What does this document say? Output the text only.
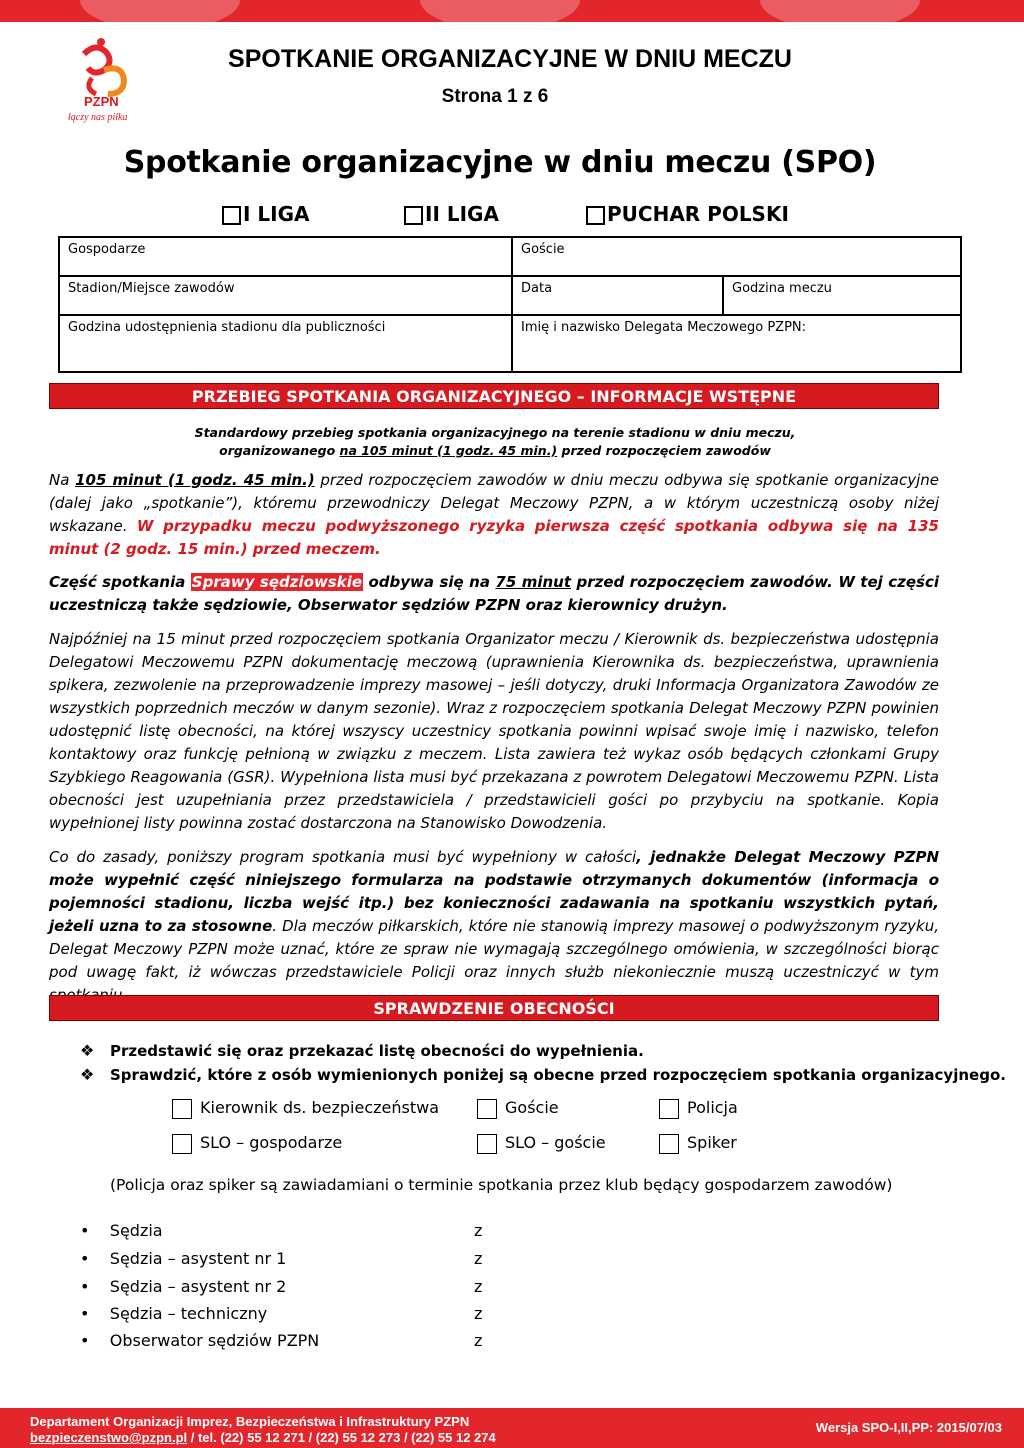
PZPN
łączy nas piłka
SPOTKANIE ORGANIZACYJNE W DNIU MECZU
Strona 1 z 6
Spotkanie organizacyjne w dniu meczu (SPO)
I LIGA	II LIGA	PUCHAR POLSKI
Gospodarze	Goście	
Stadion/Miejsce zawodów	Data	Godzina meczu
Godzina udostępnienia stadionu dla publiczności	Imię i nazwisko Delegata Meczowego PZPN:	
PRZEBIEG SPOTKANIA ORGANIZACYJNEGO – INFORMACJE WSTĘPNE
Standardowy przebieg spotkania organizacyjnego na terenie stadionu w dniu meczu,
organizowanego na 105 minut (1 godz. 45 min.) przed rozpoczęciem zawodów
Na 105 minut (1 godz. 45 min.) przed rozpoczęciem zawodów w dniu meczu odbywa się spotkanie organizacyjne (dalej jako „spotkanie”), któremu przewodniczy Delegat Meczowy PZPN, a w którym uczestniczą osoby niżej wskazane. W przypadku meczu podwyższonego ryzyka pierwsza część spotkania odbywa się na 135 minut (2 godz. 15 min.) przed meczem.
Część spotkania Sprawy sędziowskie odbywa się na 75 minut przed rozpoczęciem zawodów. W tej części uczestniczą także sędziowie, Obserwator sędziów PZPN oraz kierownicy drużyn.
Najpóźniej na 15 minut przed rozpoczęciem spotkania Organizator meczu / Kierownik ds. bezpieczeństwa udostępnia Delegatowi Meczowemu PZPN dokumentację meczową (uprawnienia Kierownika ds. bezpieczeństwa, uprawnienia spikera, zezwolenie na przeprowadzenie imprezy masowej – jeśli dotyczy, druki Informacja Organizatora Zawodów ze wszystkich poprzednich meczów w danym sezonie). Wraz z rozpoczęciem spotkania Delegat Meczowy PZPN powinien udostępnić listę obecności, na której wszyscy uczestnicy spotkania powinni wpisać swoje imię i nazwisko, telefon kontaktowy oraz funkcję pełnioną w związku z meczem. Lista zawiera też wykaz osób będących członkami Grupy Szybkiego Reagowania (GSR). Wypełniona lista musi być przekazana z powrotem Delegatowi Meczowemu PZPN. Lista obecności jest uzupełniania przez przedstawiciela / przedstawicieli gości po przybyciu na spotkanie. Kopia wypełnionej listy powinna zostać dostarczona na Stanowisko Dowodzenia.
Co do zasady, poniższy program spotkania musi być wypełniony w całości, jednakże Delegat Meczowy PZPN może wypełnić część niniejszego formularza na podstawie otrzymanych dokumentów (informacja o pojemności stadionu, liczba wejść itp.) bez konieczności zadawania na spotkaniu wszystkich pytań, jeżeli uzna to za stosowne. Dla meczów piłkarskich, które nie stanowią imprezy masowej o podwyższonym ryzyku, Delegat Meczowy PZPN może uznać, które ze spraw nie wymagają szczególnego omówienia, w szczególności biorąc pod uwagę fakt, iż wówczas przedstawiciele Policji oraz innych służb niekoniecznie muszą uczestniczyć w tym
SPRAWDZENIE OBECNOŚCI
❖ Przedstawić się oraz przekazać listę obecności do wypełnienia.
❖ Sprawdzić, które z osób wymienionych poniżej są obecne przed rozpoczęciem spotkania organizacyjnego.
Kierownik ds. bezpieczeństwa	Goście	Policja
SLO – gospodarze	SLO – goście	Spiker
(Policja oraz spiker są zawiadamiani o terminie spotkania przez klub będący gospodarzem zawodów)
• Sędzia	z
• Sędzia – asystent nr 1	z
• Sędzia – asystent nr 2	z
• Sędzia – techniczny	z
• Obserwator sędziów PZPN	z
Departament Organizacji Imprez, Bezpieczeństwa i Infrastruktury PZPN
bezpieczenstwo@pzpn.pl / tel. (22) 55 12 271 / (22) 55 12 273 / (22) 55 12 274
Wersja SPO-I,II,PP: 2015/07/03
